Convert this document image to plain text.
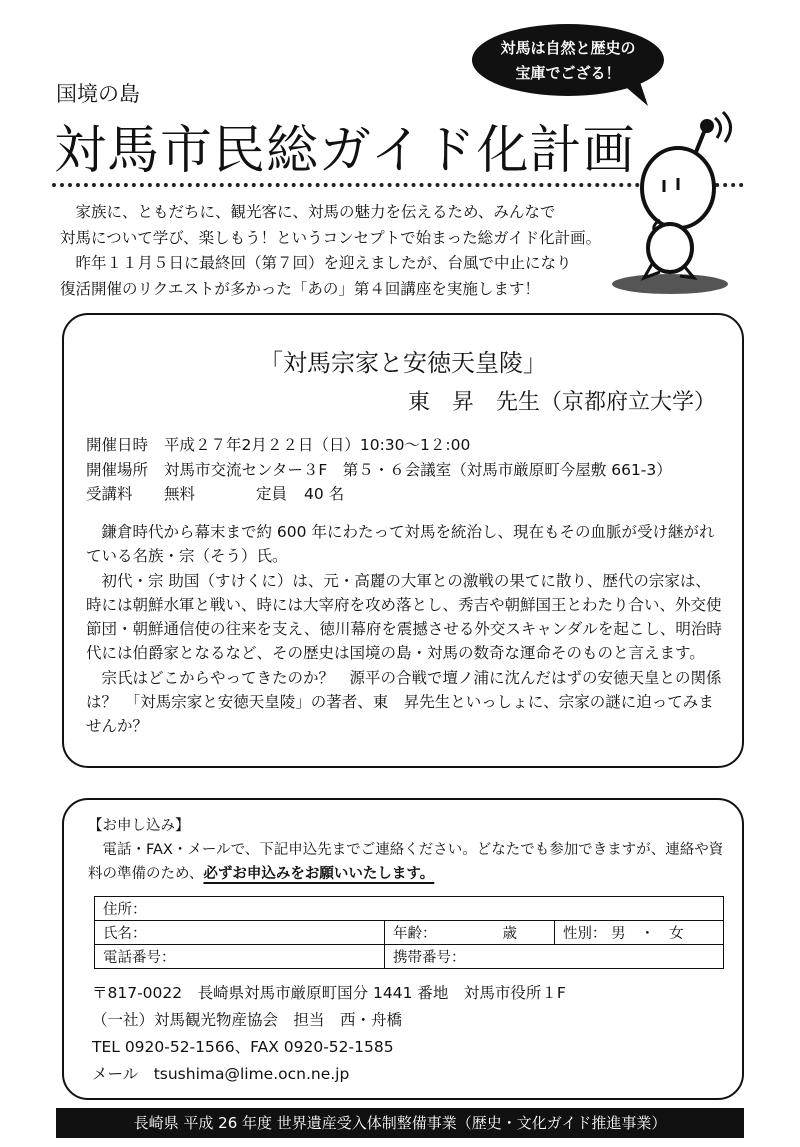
国境の島
対馬市民総ガイド化計画
対馬は自然と歴史の
宝庫でござる！

家族に、ともだちに、観光客に、対馬の魅力を伝えるため、みんなで

対馬について学び、楽しもう！というコンセプトで始まった総ガイド化計画。

昨年１１月５日に最終回（第７回）を迎えましたが、台風で中止になり

復活開催のリクエストが多かった「あの」第４回講座を実施します！

「対馬宗家と安徳天皇陵」
東　昇　先生（京都府立大学）
開催日時 平成２７年2月２２日（日）10:30～1２:00
開催場所 対馬市交流センター３F　第５・６会議室（対馬市厳原町今屋敷 661-3）
受講料 無料	定員 40 名

鎌倉時代から幕末まで約 600 年にわたって対馬を統治し、現在もその血脈が受け継がれている名族・宗（そう）氏。

初代・宗 助国（すけくに）は、元・高麗の大軍との激戦の果てに散り、歴代の宗家は、時には朝鮮水軍と戦い、時には大宰府を攻め落とし、秀吉や朝鮮国王とわたり合い、外交使節団・朝鮮通信使の往来を支え、徳川幕府を震撼させる外交スキャンダルを起こし、明治時代には伯爵家となるなど、その歴史は国境の島・対馬の数奇な運命そのものと言えます。

宗氏はどこからやってきたのか？　源平の合戦で壇ノ浦に沈んだはずの安徳天皇との関係は？　「対馬宗家と安徳天皇陵」の著者、東　昇先生といっしょに、宗家の謎に迫ってみませんか？

【お申し込み】
電話・FAX・メールで、下記申込先までご連絡ください。どなたでも参加できますが、連絡や資料の準備のため、必ずお申込みをお願いいたします。
住所：		
氏名：	年齢： 歳	性別： 男　・　女
電話番号：	携帯番号：	
〒817-0022　長崎県対馬市厳原町国分 1441 番地　対馬市役所１F
（一社）対馬観光物産協会　担当　西・舟橋
TEL 0920-52-1566、FAX 0920-52-1585
メール　tsushima@lime.ocn.ne.jp
長崎県 平成 26 年度 世界遺産受入体制整備事業（歴史・文化ガイド推進事業）
